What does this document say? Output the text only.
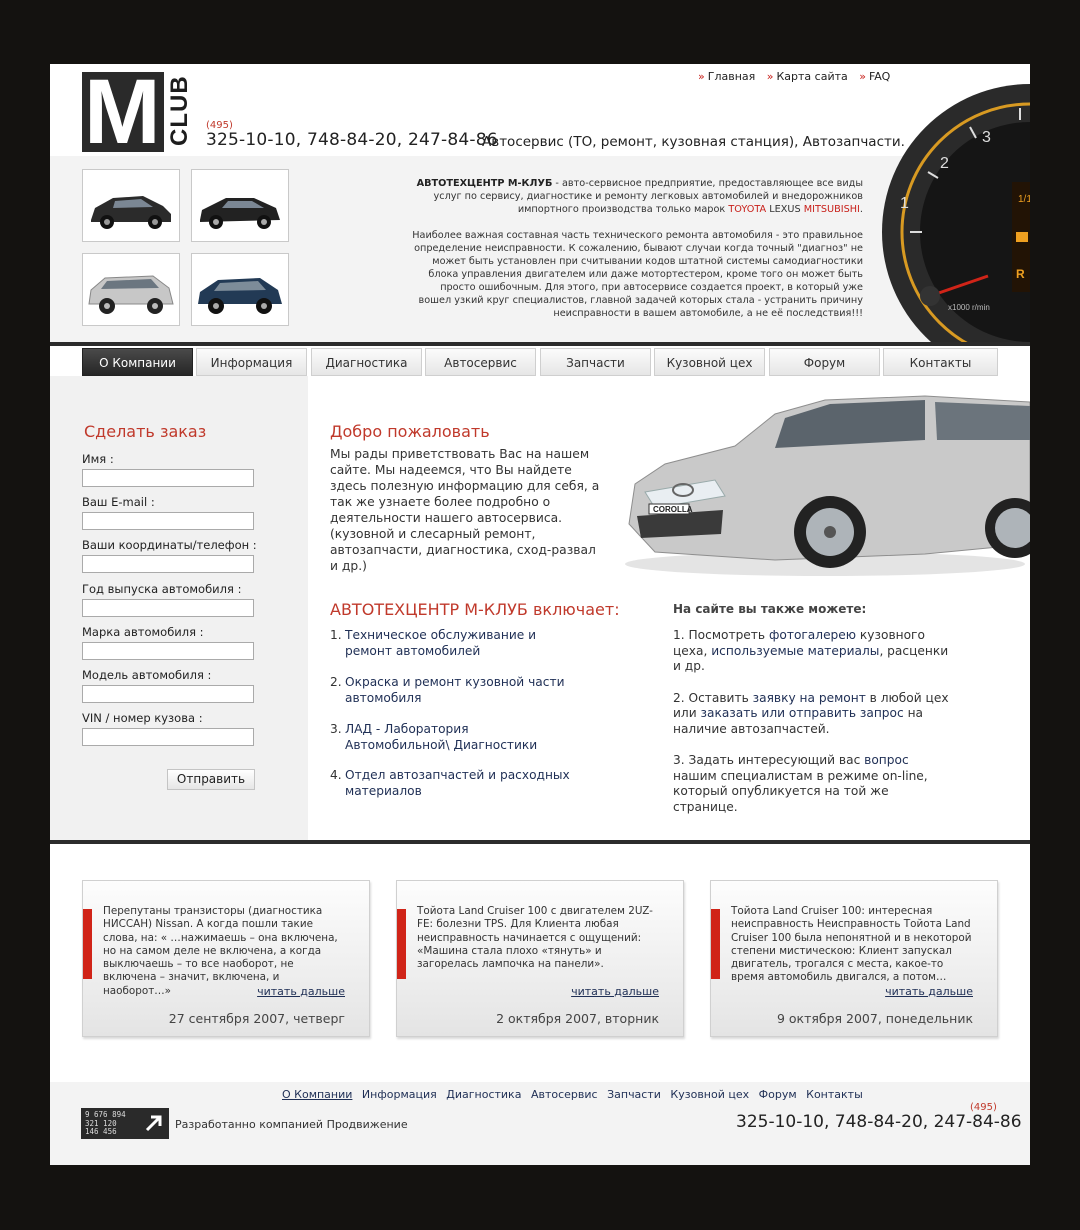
M CLUB	» Главная » Карта сайта » FAQ
(495)
325-10-10, 748-84-20, 247-84-86
Автосервис (ТО, ремонт, кузовная станция), Автозапчасти.

АВТОТЕХЦЕНТР М-КЛУБ - авто-сервисное предприятие, предоставляющее все виды услуг по сервису, диагностике и ремонту легковых автомобилей и внедорожников импортного производства только марок TOYOTA LEXUS MITSUBISHI.

Наиболее важная составная часть технического ремонта автомобиля - это правильное определение неисправности. К сожалению, бывают случаи когда точный "диагноз" не может быть установлен при считывании кодов штатной системы самодиагностики блока управления двигателем или даже мотортестером, кроме того он может быть просто ошибочным. Для этого, при автосервисе создается проект, в который уже вошел узкий круг специалистов, главной задачей которых стала - устранить причину неисправности в вашем автомобиле, а не её последствия!!!

2
1
3
4
1/1
R
x1000 r/min
О Компании	Информация	Диагностика	Автосервис	Запчасти	Кузовной цех	Форум	Контакты
Сделать заказ
Имя :
Ваш E-mail :
Ваши координаты/телефон :
Год выпуска автомобиля :
Марка автомобиля :
Модель автомобиля :
VIN / номер кузова :
Отправить
Добро пожаловать
Мы рады приветствовать Вас на нашем сайте. Мы надеемся, что Вы найдете здесь полезную информацию для себя, а так же узнаете более подробно о деятельности нашего автосервиса. (кузовной и слесарный ремонт, автозапчасти, диагностика, сход-развал и др.)
COROLLA
АВТОТЕХЦЕНТР М-КЛУБ включает:
1. Техническое обслуживание и ремонт автомобилей
2. Окраска и ремонт кузовной части автомобиля
3. ЛАД - Лаборатория Автомобильной\ Диагностики
4. Отдел автозапчастей и расходных материалов
На сайте вы также можете:

1. Посмотреть фотогалерею кузовного цеха, используемые материалы, расценки и др.

2. Оставить заявку на ремонт в любой цех или заказать или отправить запрос на наличие автозапчастей.

3. Задать интересующий вас вопрос нашим специалистам в режиме on-line, который опубликуется на той же странице.

Перепутаны транзисторы (диагностика НИССАН) Nissan. А когда пошли такие слова, на: « …нажимаешь – она включена, но на самом деле не включена, а когда выключаешь – то все наоборот, не включена – значит, включена, и наоборот…»	читать дальше
27 сентября 2007, четверг
Тойота Land Cruiser 100 с двигателем 2UZ-FE: болезни TPS. Для Клиента любая неисправность начинается с ощущений: «Машина стала плохо «тянуть» и загорелась лампочка на панели».
читать дальше
2 октября 2007, вторник
Тойота Land Cruiser 100: интересная неисправность Неисправность Тойота Land Cruiser 100 была непонятной и в некоторой степени мистическою: Клиент запускал двигатель, трогался с места, какое-то время автомобиль двигался, а потом…
читать дальше
9 октября 2007, понедельник
О Компании Информация Диагностика Автосервис Запчасти Кузовной цех Форум Контакты
9 676 894
321 120
146 456
Разработанно компанией Продвижение
(495)
325-10-10, 748-84-20, 247-84-86
